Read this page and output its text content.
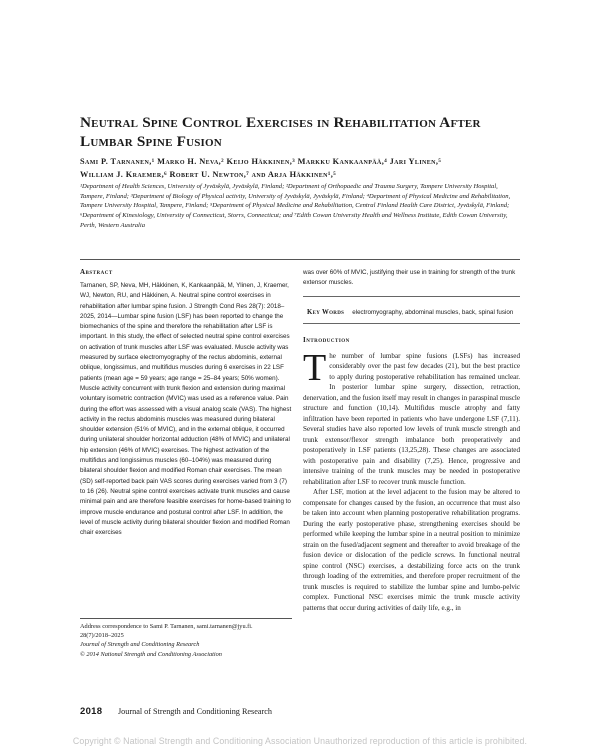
Neutral Spine Control Exercises in Rehabilitation After Lumbar Spine Fusion
Sami P. Tarnanen,¹ Marko H. Neva,² Keijo Häkkinen,³ Markku Kankaanpää,⁴ Jari Ylinen,⁵
William J. Kraemer,⁶ Robert U. Newton,⁷ and Arja Häkkinen¹,⁵
¹Department of Health Sciences, University of Jyväskylä, Jyväskylä, Finland; ²Department of Orthopaedic and Trauma Surgery, Tampere University Hospital, Tampere, Finland; ³Department of Biology of Physical activity, University of Jyväskylä, Jyväskylä, Finland; ⁴Department of Physical Medicine and Rehabilitation, Tampere University Hospital, Tampere, Finland; ⁵Department of Physical Medicine and Rehabilitation, Central Finland Health Care District, Jyväskylä, Finland; ⁶Department of Kinesiology, University of Connecticut, Storrs, Connecticut; and ⁷Edith Cowan University Health and Wellness Institute, Edith Cowan University, Perth, Western Australia
Abstract

Tarnanen, SP, Neva, MH, Häkkinen, K, Kankaanpää, M, Ylinen, J, Kraemer, WJ, Newton, RU, and Häkkinen, A. Neutral spine control exercises in rehabilitation after lumbar spine fusion. J Strength Cond Res 28(7): 2018–2025, 2014—Lumbar spine fusion (LSF) has been reported to change the biomechanics of the spine and therefore the rehabilitation after LSF is important. In this study, the effect of selected neutral spine control exercises on activation of trunk muscles after LSF was evaluated. Muscle activity was measured by surface electromyography of the rectus abdominis, external oblique, longissimus, and multifidus muscles during 6 exercises in 22 LSF patients (mean age = 59 years; age range = 25–84 years; 50% women). Muscle activity concurrent with trunk flexion and extension during maximal voluntary isometric contraction (MVIC) was used as a reference value. Pain during the effort was assessed with a visual analog scale (VAS). The highest activity in the rectus abdominis muscles was measured during bilateral shoulder extension (51% of MVIC), and in the external oblique, it occurred during unilateral shoulder horizontal adduction (48% of MVIC) and unilateral hip extension (46% of MVIC) exercises. The highest activation of the multifidus and longissimus muscles (60–104%) was measured during bilateral shoulder flexion and modified Roman chair exercises. The mean (SD) self-reported back pain VAS scores during exercises varied from 3 (7) to 16 (26). Neutral spine control exercises activate trunk muscles and cause minimal pain and are therefore feasible exercises for home-based training to improve muscle endurance and postural control after LSF. In addition, the level of muscle activity during bilateral shoulder flexion and modified Roman chair exercises

was over 60% of MVIC, justifying their use in training for strength of the trunk extensor muscles.

Key Words electromyography, abdominal muscles, back, spinal fusion
Introduction

The number of lumbar spine fusions (LSFs) has increased considerably over the past few decades (21), but the best practice to apply during postoperative rehabilitation has remained unclear. In posterior lumbar spine surgery, dissection, retraction, denervation, and the fusion itself may result in changes in paraspinal muscle structure and function (10,14). Multifidus muscle atrophy and fatty infiltration have been reported in patients who have undergone LSF (7,11). Several studies have also reported low levels of trunk muscle strength and trunk extensor/flexor strength imbalance both preoperatively and postoperatively in LSF patients (13,25,28). These changes are associated with postoperative pain and disability (7,25). Hence, progressive and intensive training of the trunk muscles may be needed in postoperative rehabilitation after LSF to recover trunk muscle function.

After LSF, motion at the level adjacent to the fusion may be altered to compensate for changes caused by the fusion, an occurrence that must also be taken into account when planning postoperative rehabilitation programs. During the early postoperative phase, strengthening exercises should be performed while keeping the lumbar spine in a neutral position to minimize strain on the fused/adjacent segment and thereafter to avoid breakage of the fusion device or dislocation of the pedicle screws. In functional neutral spine control (NSC) exercises, a destabilizing force acts on the trunk through loading of the extremities, and therefore proper recruitment of the trunk muscles is required to stabilize the lumbar spine and lumbo-pelvic complex. Functional NSC exercises mimic the trunk muscle activity patterns that occur during activities of daily life, e.g., in

Address correspondence to Sami P. Tarnanen, sami.tarnanen@jyu.fi.

28(7)/2018–2025

Journal of Strength and Conditioning Research

© 2014 National Strength and Conditioning Association

2018 Journal of Strength and Conditioning Research
Copyright © National Strength and Conditioning Association Unauthorized reproduction of this article is prohibited.
